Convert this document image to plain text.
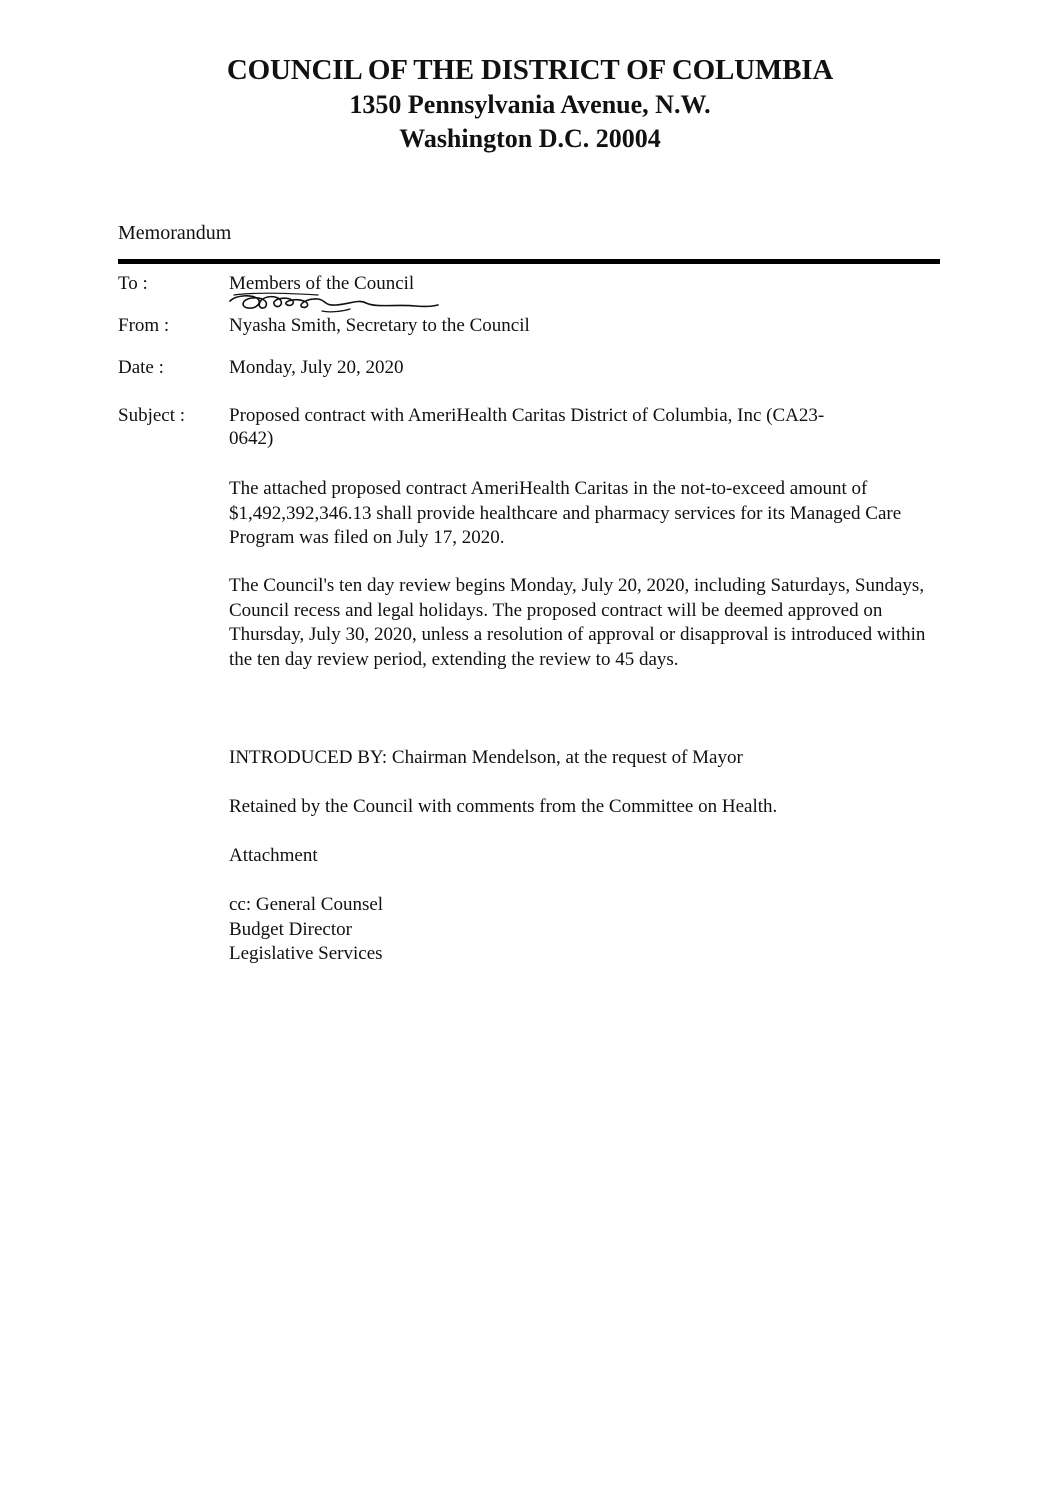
COUNCIL OF THE DISTRICT OF COLUMBIA
1350 Pennsylvania Avenue, N.W.
Washington D.C. 20004
Memorandum
To :	Members of the Council
From :	Nyasha Smith, Secretary to the Council
Date :	Monday, July 20, 2020
Subject :	Proposed contract with AmeriHealth Caritas District of Columbia, Inc (CA23-
0642)
The attached proposed contract AmeriHealth Caritas in the not-to-exceed amount of $1,492,392,346.13 shall provide healthcare and pharmacy services for its Managed Care Program was filed on July 17, 2020.
The Council's ten day review begins Monday, July 20, 2020, including Saturdays, Sundays, Council recess and legal holidays. The proposed contract will be deemed approved on Thursday, July 30, 2020, unless a resolution of approval or disapproval is introduced within the ten day review period, extending the review to 45 days.
INTRODUCED BY: Chairman Mendelson, at the request of Mayor
Retained by the Council with comments from the Committee on Health.
Attachment
cc: General Counsel
Budget Director
Legislative Services
